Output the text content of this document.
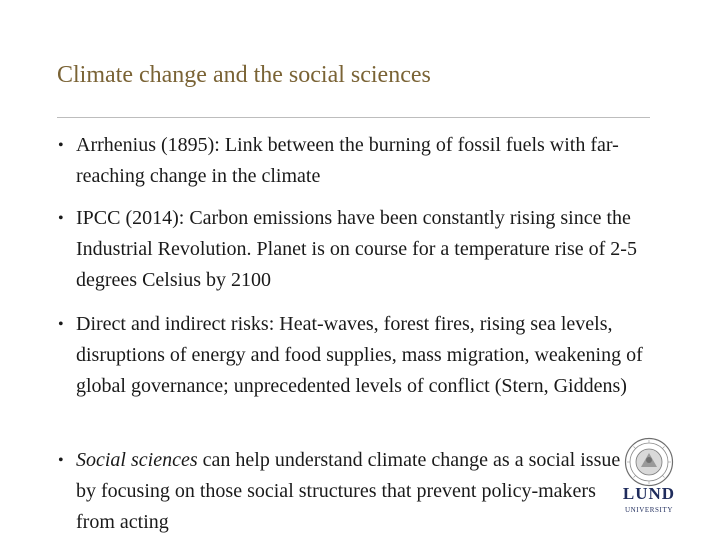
Climate change and the social sciences
• Arrhenius (1895): Link between the burning of fossil fuels with far-reaching change in the climate
• IPCC (2014): Carbon emissions have been constantly rising since the Industrial Revolution. Planet is on course for a temperature rise of 2-5 degrees Celsius by 2100
• Direct and indirect risks: Heat-waves, forest fires, rising sea levels, disruptions of energy and food supplies, mass migration, weakening of global governance; unprecedented levels of conflict (Stern, Giddens)
• Social sciences can help understand climate change as a social issue by focusing on those social structures that prevent policy-makers from acting
LUND
UNIVERSITY
